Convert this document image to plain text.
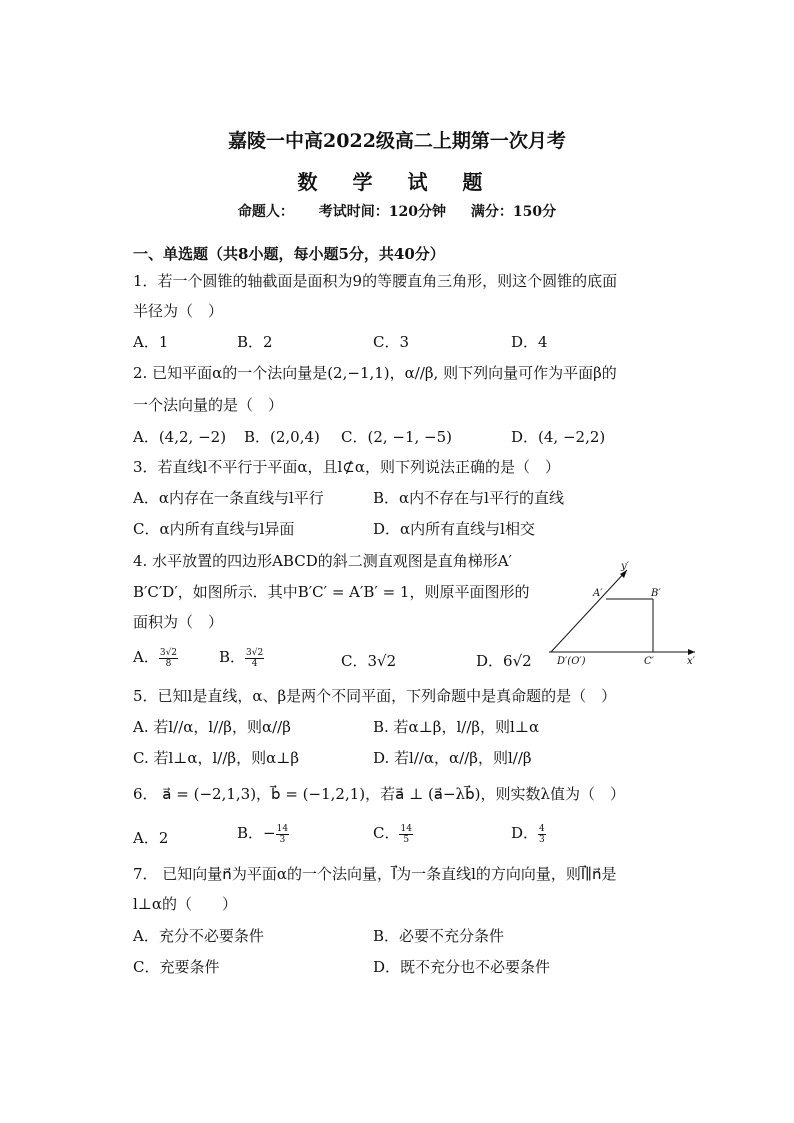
嘉陵一中高2022级高二上期第一次月考
数 学 试 题
命题人： 考试时间：120分钟 满分：150分
一、单选题（共8小题，每小题5分，共40分）
1．若一个圆锥的轴截面是面积为9的等腰直角三角形，则这个圆锥的底面
半径为（　）
A．1	B．2	C．3	D．4
2. 已知平面α的一个法向量是(2,−1,1)，α//β, 则下列向量可作为平面β的
一个法向量的是（　）
A．(4,2, −2) B．(2,0,4) C．(2, −1, −5)	D．(4, −2,2)
3．若直线l不平行于平面α，且l⊄α，则下列说法正确的是（　）
A．α内存在一条直线与l平行	B．α内不存在与l平行的直线
C．α内所有直线与l异面	D．α内所有直线与l相交
4. 水平放置的四边形ABCD的斜二测直观图是直角梯形A′
B′C′D′，如图所示．其中B′C′ = A′B′ = 1，则原平面图形的
面积为（　）
A． $\frac{3√2}{8}$	B． $\frac{3√2}{4}$	C．3√2	D．6√2
y′
A′	B′
D′(O′)	C′	x′
5．已知l是直线，α、β是两个不同平面，下列命题中是真命题的是（　）
A. 若l//α，l//β，则α//β	B. 若α⊥β，l//β，则l⊥α
C. 若l⊥α，l//β，则α⊥β	D. 若l//α，α//β，则l//β
6． a⃗ = (−2,1,3)，b⃗ = (−1,2,1)，若a⃗ ⊥ (a⃗−λb⃗)，则实数λ值为（　）
A．2	B．− $\frac{14}{3}$	C． $\frac{14}{5}$	D． $\frac{4}{3}$
7． 已知向量n⃗为平面α的一个法向量，l⃗为一条直线l的方向向量，则l⃗∥n⃗是
l⊥α的（　　）
A．充分不必要条件	B．必要不充分条件
C．充要条件	D．既不充分也不必要条件
